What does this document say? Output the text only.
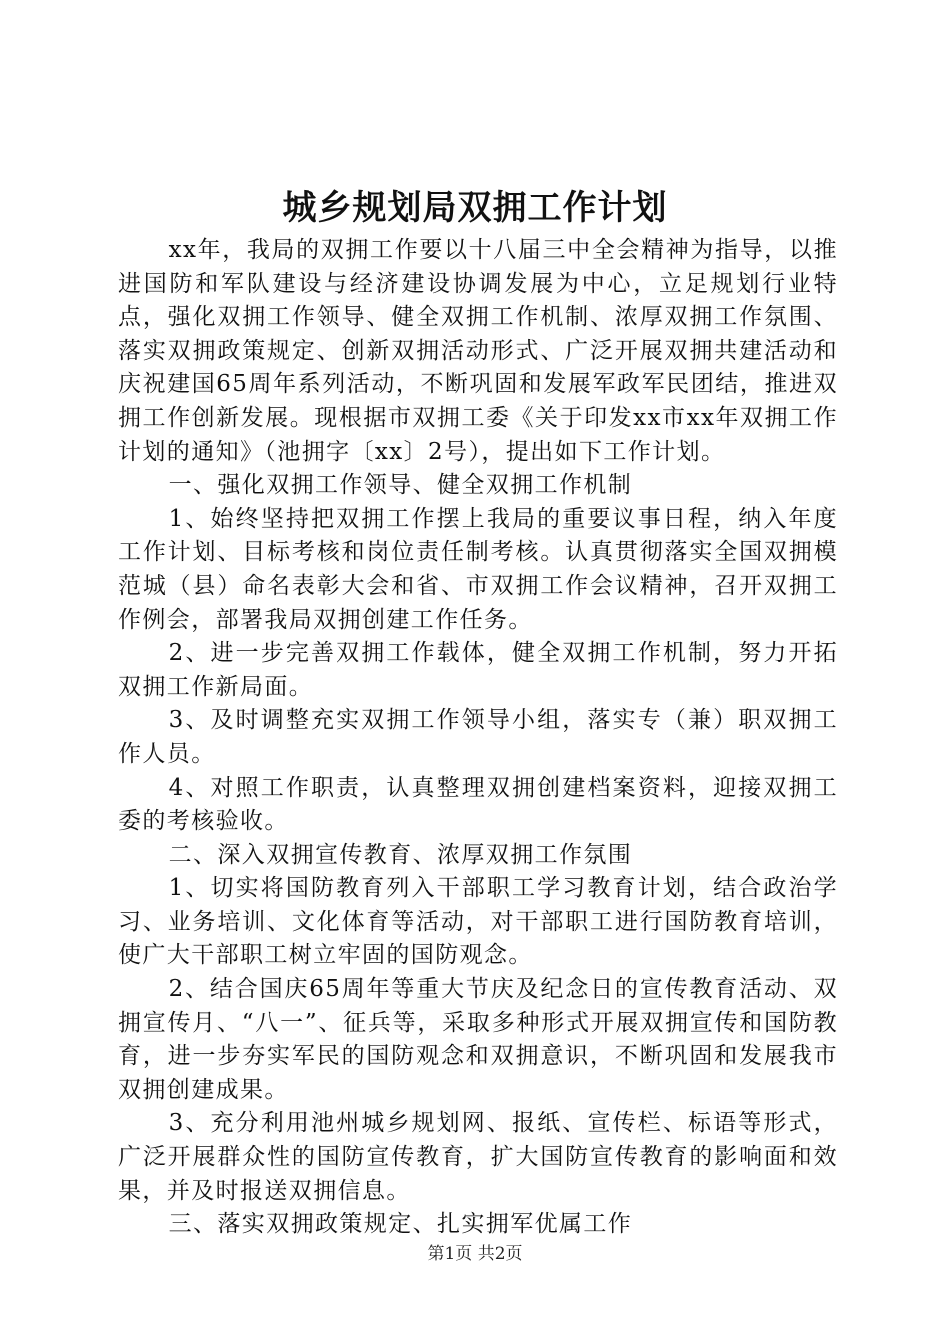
城乡规划局双拥工作计划

xx年，我局的双拥工作要以十八届三中全会精神为指导，以推进国防和军队建设与经济建设协调发展为中心，立足规划行业特点，强化双拥工作领导、健全双拥工作机制、浓厚双拥工作氛围、落实双拥政策规定、创新双拥活动形式、广泛开展双拥共建活动和庆祝建国65周年系列活动，不断巩固和发展军政军民团结，推进双拥工作创新发展。现根据市双拥工委《关于印发xx市xx年双拥工作计划的通知》（池拥字〔xx〕2号），提出如下工作计划。

一、强化双拥工作领导、健全双拥工作机制

1、始终坚持把双拥工作摆上我局的重要议事日程，纳入年度工作计划、目标考核和岗位责任制考核。认真贯彻落实全国双拥模范城（县）命名表彰大会和省、市双拥工作会议精神，召开双拥工作例会，部署我局双拥创建工作任务。

2、进一步完善双拥工作载体，健全双拥工作机制，努力开拓双拥工作新局面。

3、及时调整充实双拥工作领导小组，落实专（兼）职双拥工作人员。

4、对照工作职责，认真整理双拥创建档案资料，迎接双拥工委的考核验收。

二、深入双拥宣传教育、浓厚双拥工作氛围

1、切实将国防教育列入干部职工学习教育计划，结合政治学习、业务培训、文化体育等活动，对干部职工进行国防教育培训，使广大干部职工树立牢固的国防观念。

2、结合国庆65周年等重大节庆及纪念日的宣传教育活动、双拥宣传月、“八一”、征兵等，采取多种形式开展双拥宣传和国防教育，进一步夯实军民的国防观念和双拥意识，不断巩固和发展我市双拥创建成果。

3、充分利用池州城乡规划网、报纸、宣传栏、标语等形式，广泛开展群众性的国防宣传教育，扩大国防宣传教育的影响面和效果，并及时报送双拥信息。

三、落实双拥政策规定、扎实拥军优属工作

第1页 共2页
